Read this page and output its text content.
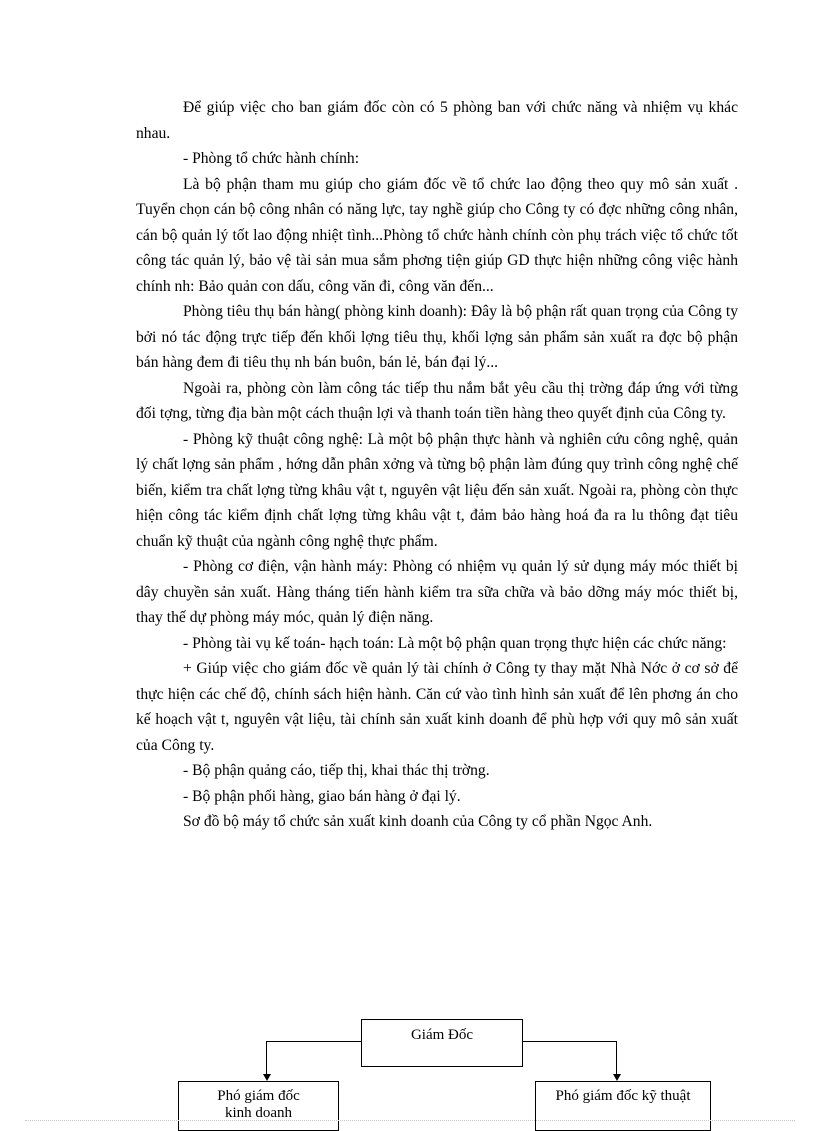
Để giúp việc cho ban giám đốc còn có 5 phòng ban với chức năng và nhiệm vụ khác nhau.

- Phòng tổ chức hành chính:

Là bộ phận tham mu giúp cho giám đốc về tổ chức lao động theo quy mô sản xuất . Tuyển chọn cán bộ công nhân có năng lực, tay nghề giúp cho Công ty có đợc những công nhân, cán bộ quản lý tốt lao động nhiệt tình...Phòng tổ chức hành chính còn phụ trách việc tổ chức tốt công tác quản lý, bảo vệ tài sản mua sắm phơng tiện giúp GD thực hiện những công việc hành chính nh: Bảo quản con dấu, công văn đi, công văn đến...

Phòng tiêu thụ bán hàng( phòng kinh doanh): Đây là bộ phận rất quan trọng của Công ty bởi nó tác động trực tiếp đến khối lợng tiêu thụ, khối lợng sản phẩm sản xuất ra đợc bộ phận bán hàng đem đi tiêu thụ nh bán buôn, bán lẻ, bán đại lý...

Ngoài ra, phòng còn làm công tác tiếp thu nắm bắt yêu cầu thị trờng đáp ứng với từng đối tợng, từng địa bàn một cách thuận lợi và thanh toán tiền hàng theo quyết định của Công ty.

- Phòng kỹ thuật công nghệ: Là một bộ phận thực hành và nghiên cứu công nghệ, quản lý chất lợng sản phẩm , hớng dẫn phân xởng và từng bộ phận làm đúng quy trình công nghệ chế biến, kiểm tra chất lợng từng khâu vật t, nguyên vật liệu đến sản xuất. Ngoài ra, phòng còn thực hiện công tác kiểm định chất lợng từng khâu vật t, đảm bảo hàng hoá đa ra lu thông đạt tiêu chuẩn kỹ thuật của ngành công nghệ thực phẩm.

- Phòng cơ điện, vận hành máy: Phòng có nhiệm vụ quản lý sử dụng máy móc thiết bị dây chuyền sản xuất. Hàng tháng tiến hành kiểm tra sữa chữa và bảo dỡng máy móc thiết bị, thay thế dự phòng máy móc, quản lý điện năng.

- Phòng tài vụ kế toán- hạch toán: Là một bộ phận quan trọng thực hiện các chức năng:

+ Giúp việc cho giám đốc về quản lý tài chính ở Công ty thay mặt Nhà Nớc ở cơ sở để thực hiện các chế độ, chính sách hiện hành. Căn cứ vào tình hình sản xuất để lên phơng án cho kế hoạch vật t, nguyên vật liệu, tài chính sản xuất kinh doanh để phù hợp với quy mô sản xuất của Công ty.

- Bộ phận quảng cáo, tiếp thị, khai thác thị trờng.

- Bộ phận phối hàng, giao bán hàng ở đại lý.

Sơ đồ bộ máy tổ chức sản xuất kinh doanh của Công ty cổ phần Ngọc Anh.

Giám Đốc
Phó giám đốc kinh doanh
Phó giám đốc kỹ thuật
